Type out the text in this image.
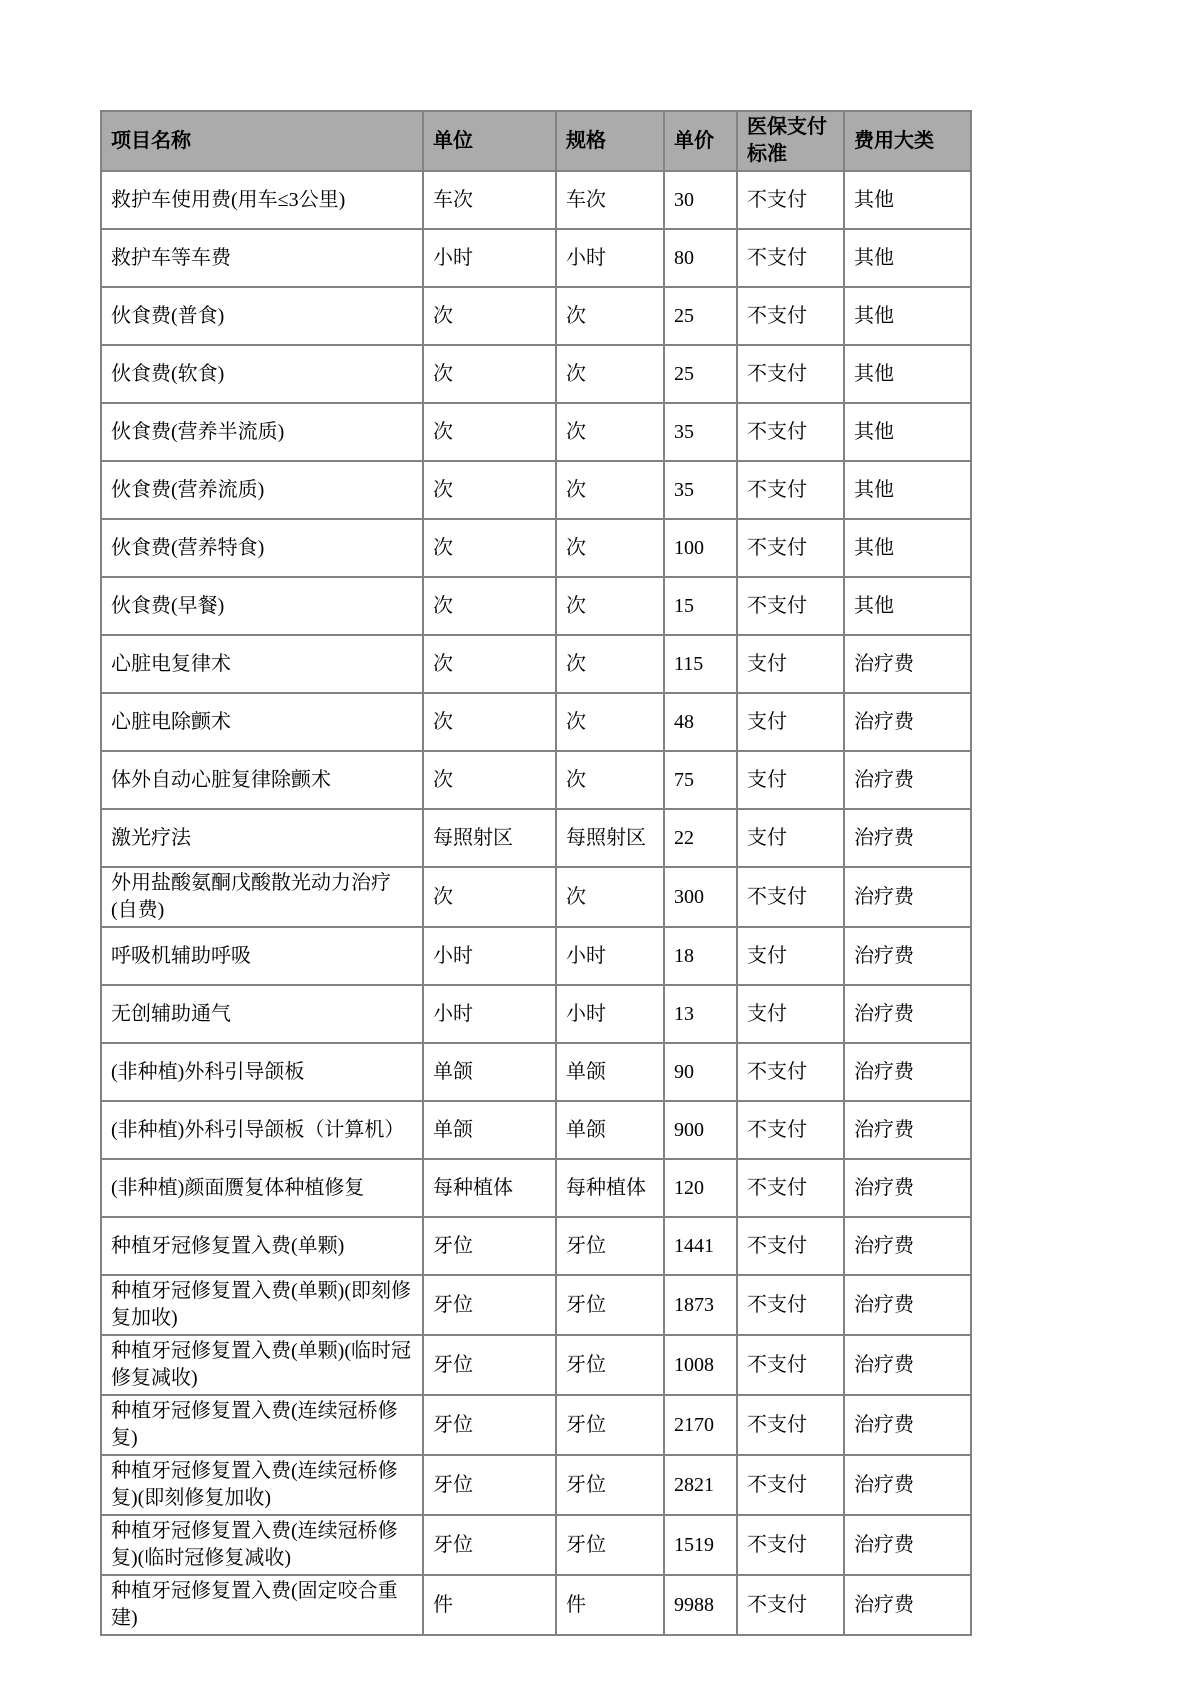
项目名称	单位	规格	单价	医保支付标准	费用大类
救护车使用费(用车≤3公里)	车次	车次	30	不支付	其他
救护车等车费	小时	小时	80	不支付	其他
伙食费(普食)	次	次	25	不支付	其他
伙食费(软食)	次	次	25	不支付	其他
伙食费(营养半流质)	次	次	35	不支付	其他
伙食费(营养流质)	次	次	35	不支付	其他
伙食费(营养特食)	次	次	100	不支付	其他
伙食费(早餐)	次	次	15	不支付	其他
心脏电复律术	次	次	115	支付	治疗费
心脏电除颤术	次	次	48	支付	治疗费
体外自动心脏复律除颤术	次	次	75	支付	治疗费
激光疗法	每照射区	每照射区	22	支付	治疗费
外用盐酸氨酮戊酸散光动力治疗(自费)	次	次	300	不支付	治疗费
呼吸机辅助呼吸	小时	小时	18	支付	治疗费
无创辅助通气	小时	小时	13	支付	治疗费
(非种植)外科引导颌板	单颌	单颌	90	不支付	治疗费
(非种植)外科引导颌板（计算机）	单颌	单颌	900	不支付	治疗费
(非种植)颜面赝复体种植修复	每种植体	每种植体	120	不支付	治疗费
种植牙冠修复置入费(单颗)	牙位	牙位	1441	不支付	治疗费
种植牙冠修复置入费(单颗)(即刻修复加收)	牙位	牙位	1873	不支付	治疗费
种植牙冠修复置入费(单颗)(临时冠修复减收)	牙位	牙位	1008	不支付	治疗费
种植牙冠修复置入费(连续冠桥修复)	牙位	牙位	2170	不支付	治疗费
种植牙冠修复置入费(连续冠桥修复)(即刻修复加收)	牙位	牙位	2821	不支付	治疗费
种植牙冠修复置入费(连续冠桥修复)(临时冠修复减收)	牙位	牙位	1519	不支付	治疗费
种植牙冠修复置入费(固定咬合重建)	件	件	9988	不支付	治疗费
